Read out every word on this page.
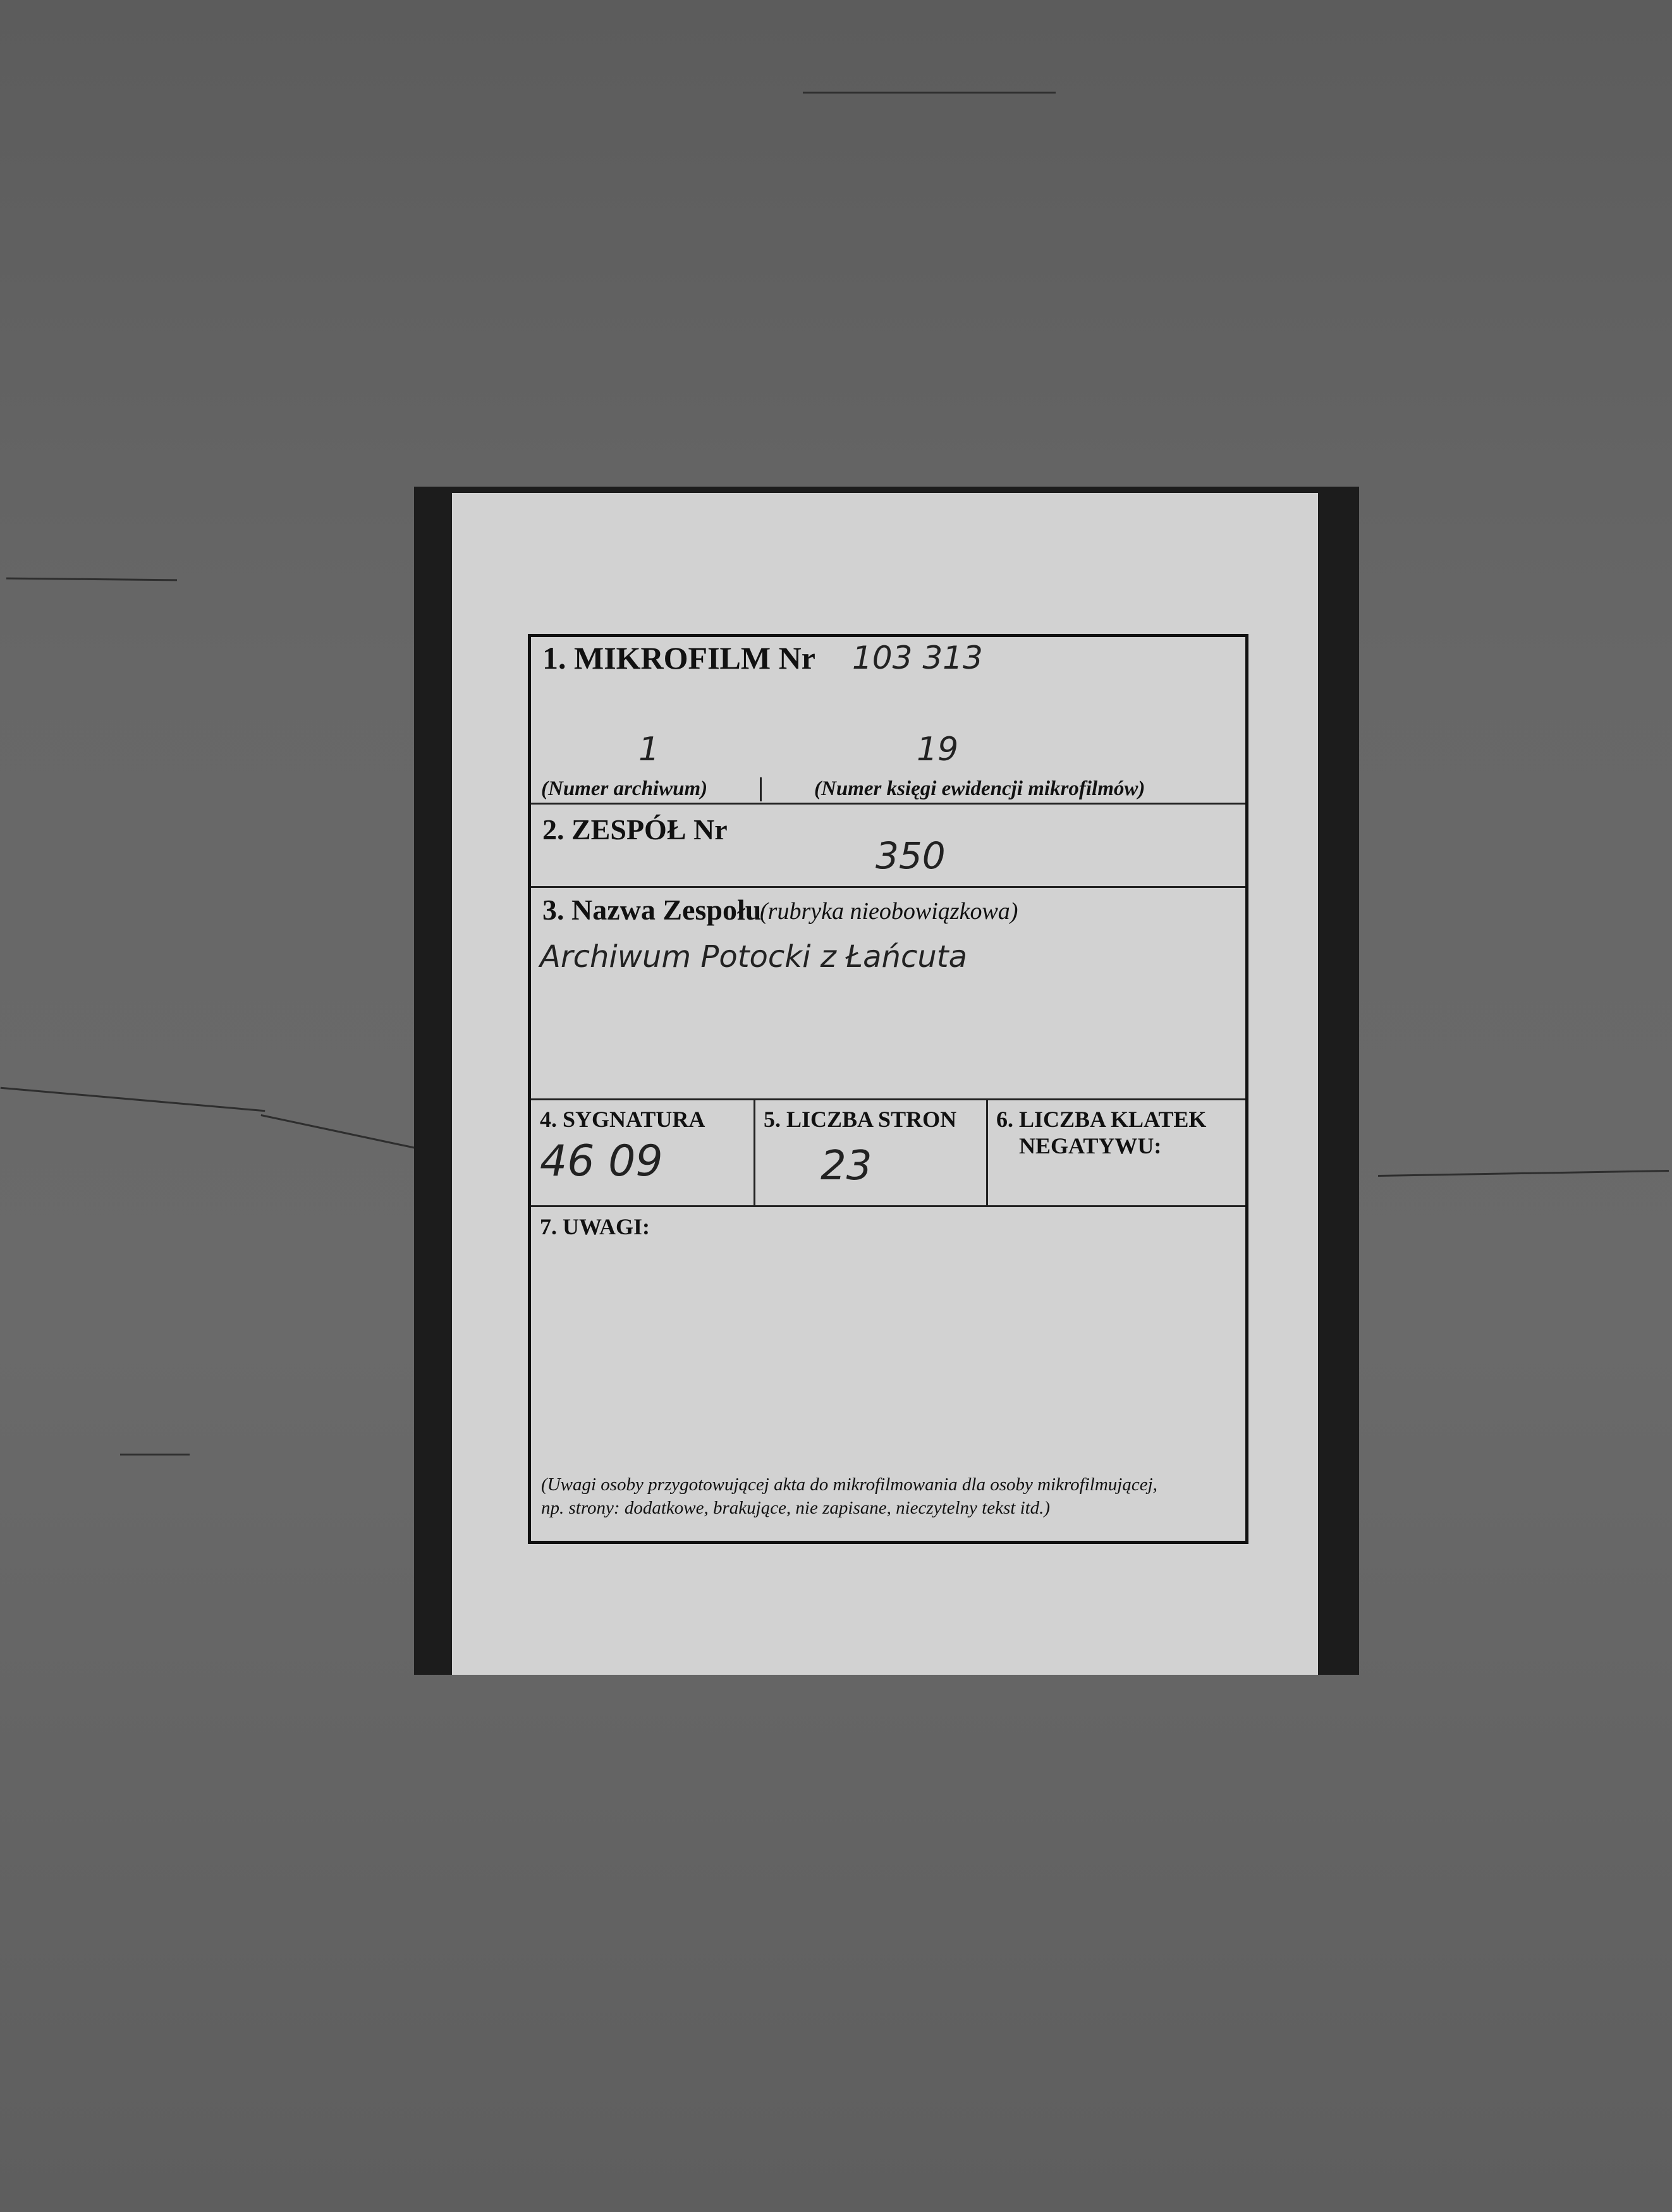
1. MIKROFILM Nr 103 313
1	19
(Numer archiwum)	(Numer księgi ewidencji mikrofilmów)
2. ZESPÓŁ Nr
350
3. Nazwa Zespołu
(rubryka nieobowiązkowa)
Archiwum Potocki z Łańcuta
4. SYGNATURA
46 09
5. LICZBA STRON
23
6. LICZBA KLATEK
NEGATYWU:
7. UWAGI:
(Uwagi osoby przygotowującej akta do mikrofilmowania dla osoby mikrofilmującej,
np. strony: dodatkowe, brakujące, nie zapisane, nieczytelny tekst itd.)
